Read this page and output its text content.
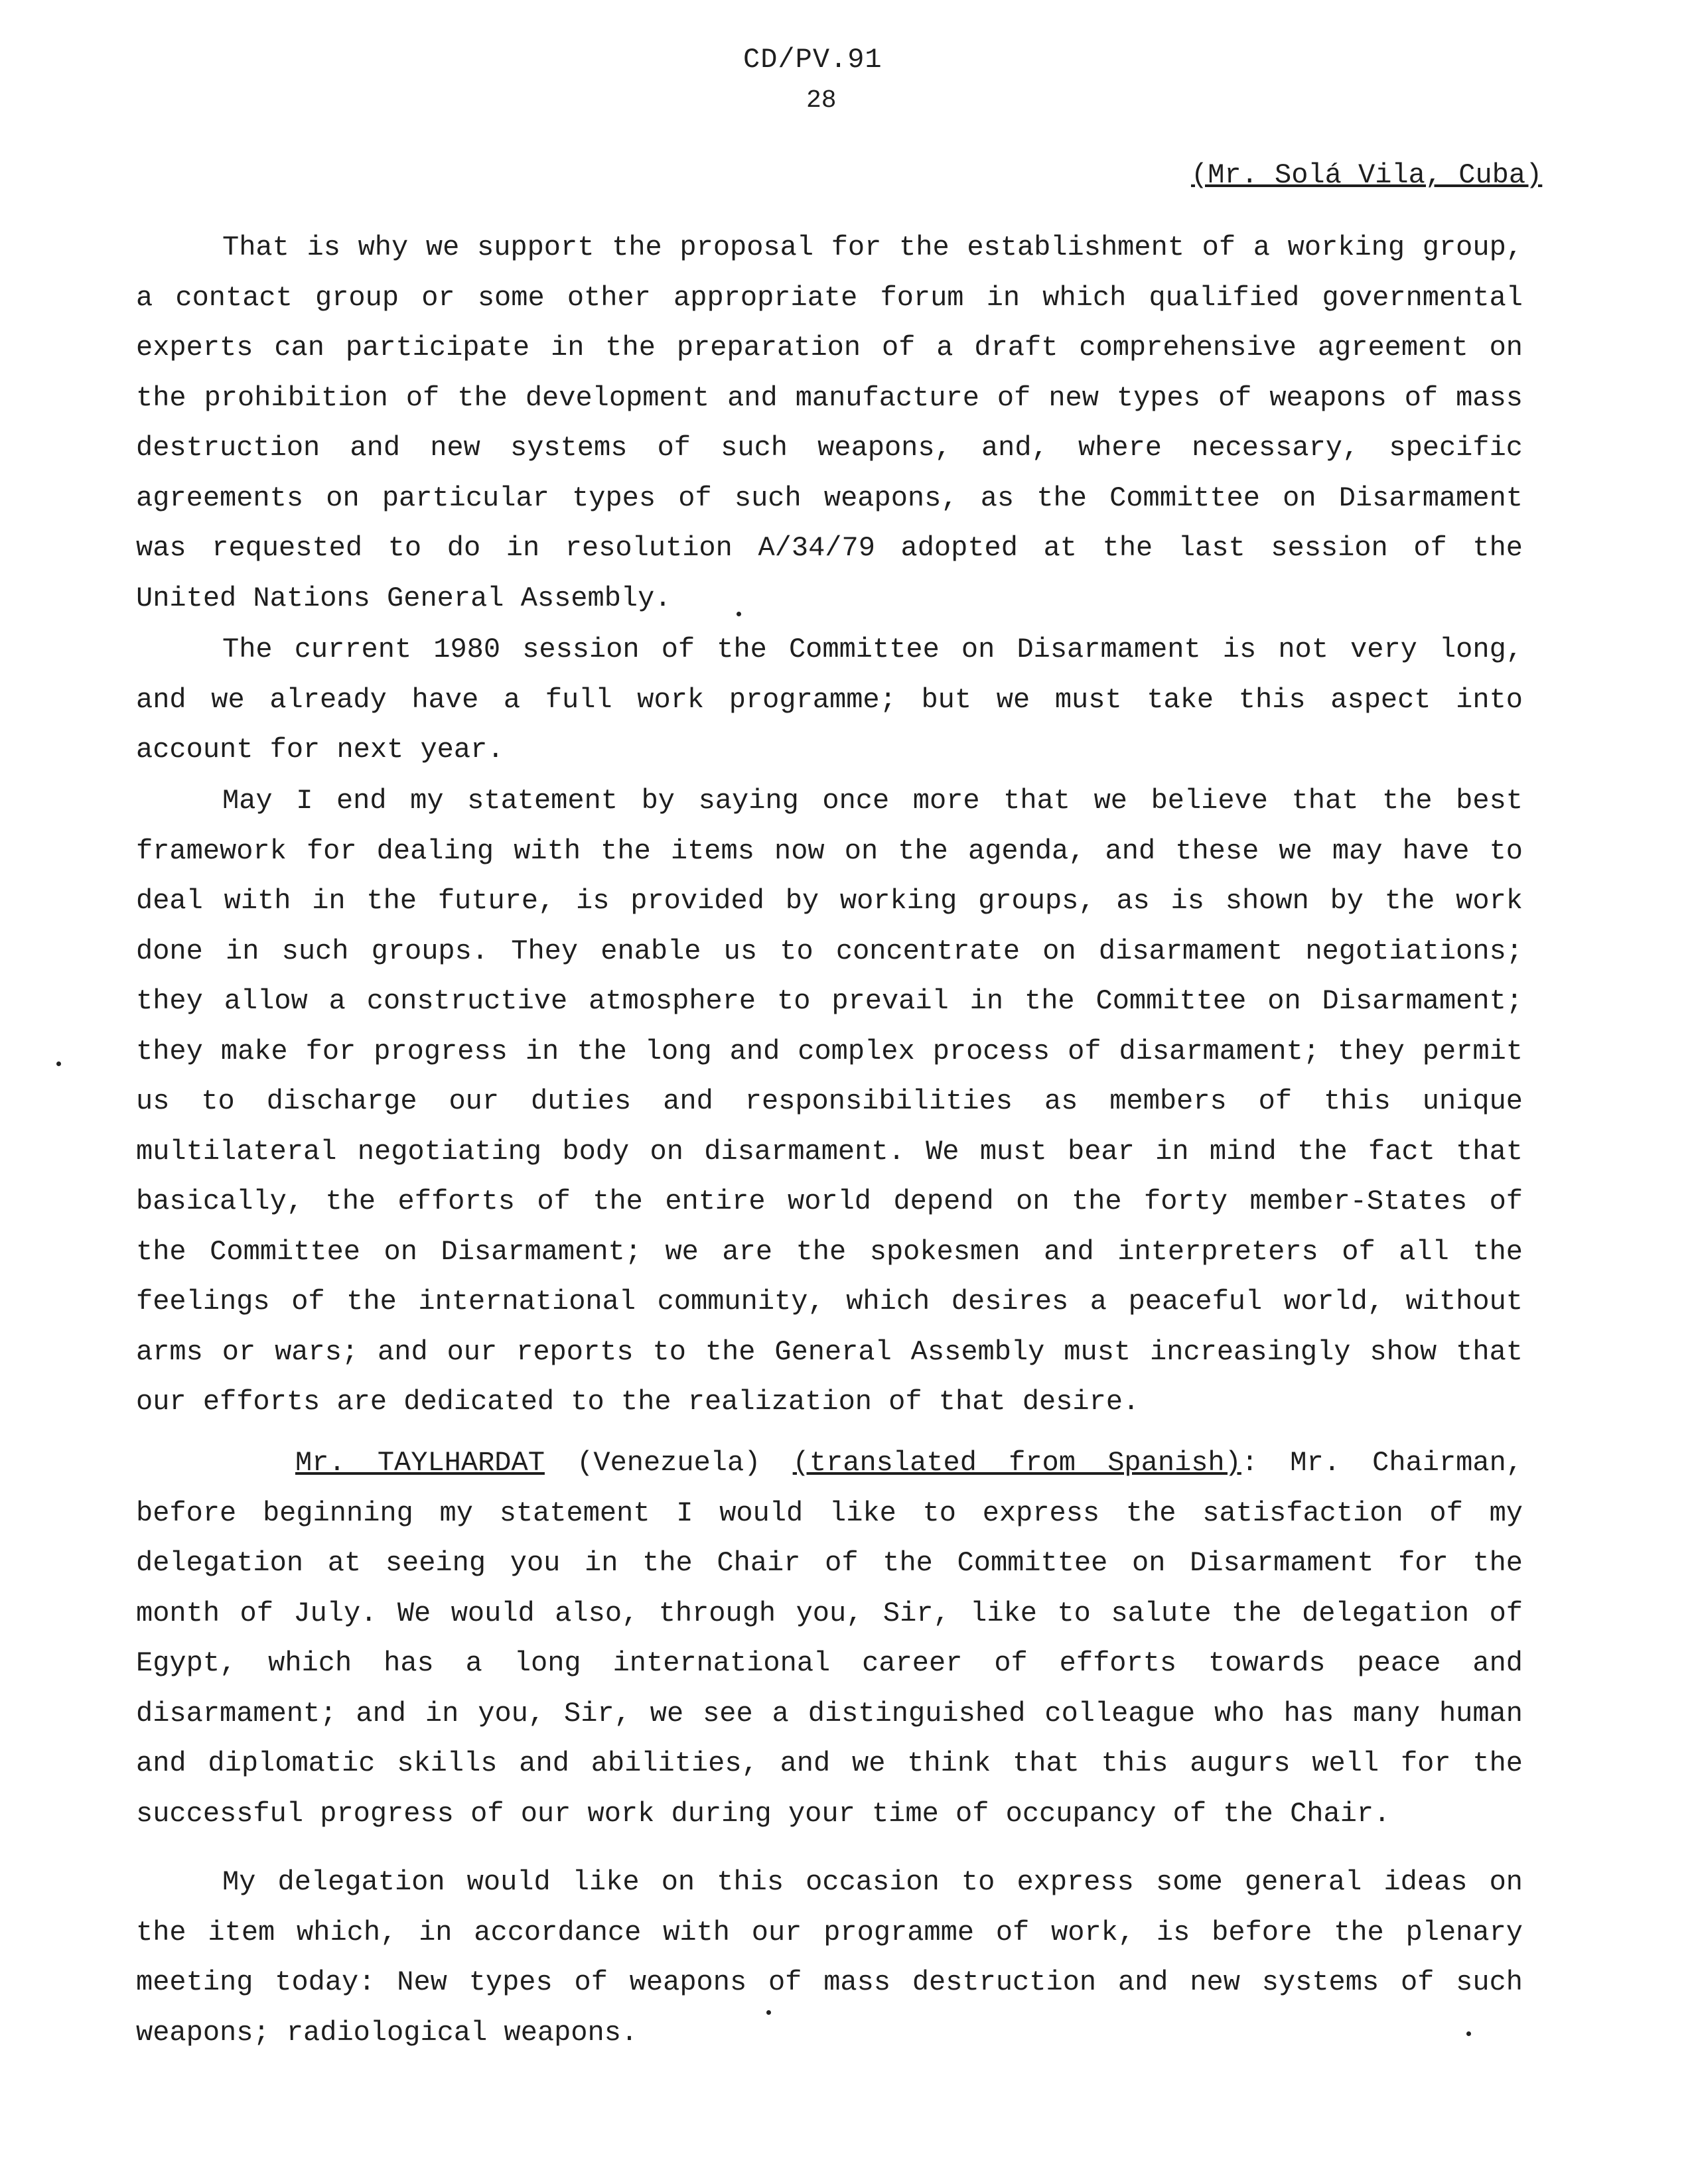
CD/PV.91
28
(Mr. Solá Vila, Cuba)

That is why we support the proposal for the establishment of a working group, a contact group or some other appropriate forum in which qualified governmental experts can participate in the preparation of a draft comprehensive agreement on the prohibition of the development and manufacture of new types of weapons of mass destruction and new systems of such weapons, and, where necessary, specific agreements on particular types of such weapons, as the Committee on Disarmament was requested to do in resolution A/34/79 adopted at the last session of the United Nations General Assembly.

The current 1980 session of the Committee on Disarmament is not very long, and we already have a full work programme; but we must take this aspect into account for next year.

May I end my statement by saying once more that we believe that the best framework for dealing with the items now on the agenda, and these we may have to deal with in the future, is provided by working groups, as is shown by the work done in such groups. They enable us to concentrate on disarmament negotiations; they allow a constructive atmosphere to prevail in the Committee on Disarmament; they make for progress in the long and complex process of disarmament; they permit us to discharge our duties and responsibilities as members of this unique multilateral negotiating body on disarmament. We must bear in mind the fact that basically, the efforts of the entire world depend on the forty member-States of the Committee on Disarmament; we are the spokesmen and interpreters of all the feelings of the international community, which desires a peaceful world, without arms or wars; and our reports to the General Assembly must increasingly show that our efforts are dedicated to the realization of that desire.

Mr. TAYLHARDAT (Venezuela) (translated from Spanish): Mr. Chairman, before beginning my statement I would like to express the satisfaction of my delegation at seeing you in the Chair of the Committee on Disarmament for the month of July. We would also, through you, Sir, like to salute the delegation of Egypt, which has a long international career of efforts towards peace and disarmament; and in you, Sir, we see a distinguished colleague who has many human and diplomatic skills and abilities, and we think that this augurs well for the successful progress of our work during your time of occupancy of the Chair.

My delegation would like on this occasion to express some general ideas on the item which, in accordance with our programme of work, is before the plenary meeting today: New types of weapons of mass destruction and new systems of such weapons; radiological weapons.
